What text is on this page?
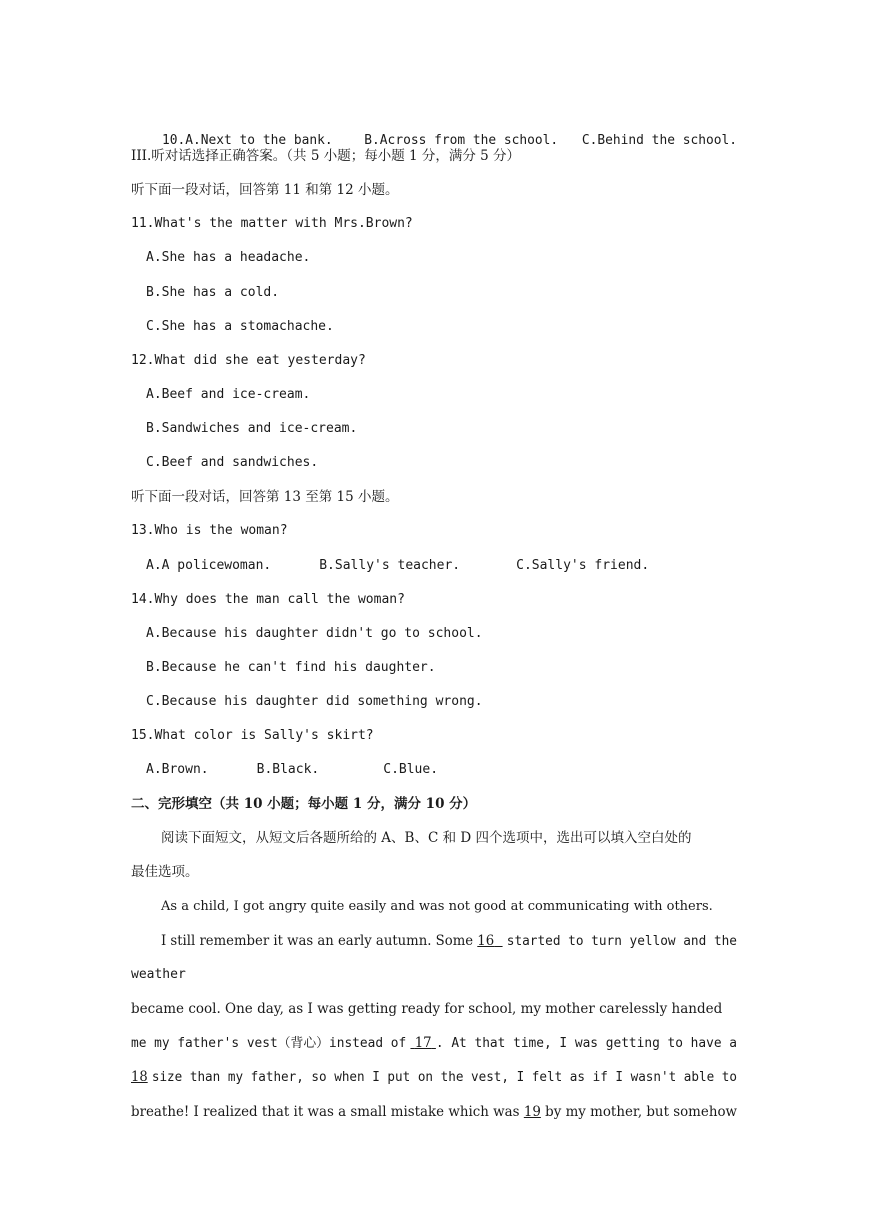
10.A.Next to the bank. B.Across from the school. C.Behind the school.

III.听对话选择正确答案。（共 5 小题；每小题 1 分，满分 5 分）
听下面一段对话，回答第 11 和第 12 小题。
11.What's the matter with Mrs.Brown?
A.She has a headache.
B.She has a cold.
C.She has a stomachache.
12.What did she eat yesterday?
A.Beef and ice-cream.
B.Sandwiches and ice-cream.
C.Beef and sandwiches.
听下面一段对话，回答第 13 至第 15 小题。
13.Who is the woman?
A.A policewoman.	B.Sally's teacher.	C.Sally's friend.
14.Why does the man call the woman?
A.Because his daughter didn't go to school.
B.Because he can't find his daughter.
C.Because his daughter did something wrong.
15.What color is Sally's skirt?
A.Brown.	B.Black.	C.Blue.
二、完形填空（共 10 小题；每小题 1 分，满分 10 分）
阅读下面短文，从短文后各题所给的 A、B、C 和 D 四个选项中，选出可以填入空白处的
最佳选项。
As a child, I got angry quite easily and was not good at communicating with others.
I still remember it was an early autumn. Some 16 started to turn yellow and the
weather
became cool. One day, as I was getting ready for school, my mother carelessly handed
me my father's vest（背心）instead of 17 . At that time, I was getting to have a
18 size than my father, so when I put on the vest, I felt as if I wasn't able to
breathe! I realized that it was a small mistake which was 19 by my mother, but somehow
